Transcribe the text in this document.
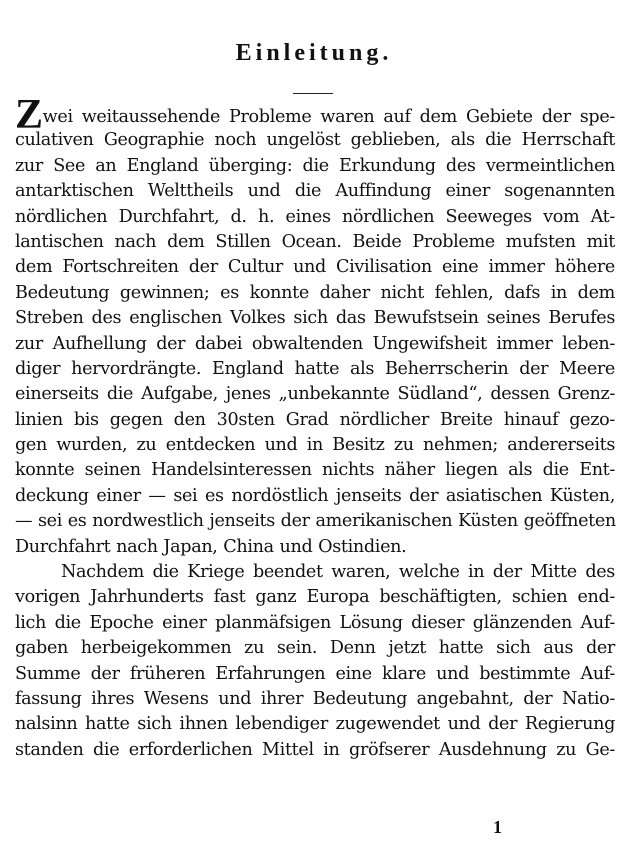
Einleitung.
Zwei weitaussehende Probleme waren auf dem Gebiete der spe-
culativen Geographie noch ungelöst geblieben, als die Herrschaft
zur See an England überging: die Erkundung des vermeintlichen
antarktischen Welttheils und die Auffindung einer sogenannten
nördlichen Durchfahrt, d. h. eines nördlichen Seeweges vom At-
lantischen nach dem Stillen Ocean. Beide Probleme mufsten mit
dem Fortschreiten der Cultur und Civilisation eine immer höhere
Bedeutung gewinnen; es konnte daher nicht fehlen, dafs in dem
Streben des englischen Volkes sich das Bewufstsein seines Berufes
zur Aufhellung der dabei obwaltenden Ungewifsheit immer leben-
diger hervordrängte. England hatte als Beherrscherin der Meere
einerseits die Aufgabe, jenes „unbekannte Südland“, dessen Grenz-
linien bis gegen den 30sten Grad nördlicher Breite hinauf gezo-
gen wurden, zu entdecken und in Besitz zu nehmen; andererseits
konnte seinen Handelsinteressen nichts näher liegen als die Ent-
deckung einer — sei es nordöstlich jenseits der asiatischen Küsten,
— sei es nordwestlich jenseits der amerikanischen Küsten geöffneten
Durchfahrt nach Japan, China und Ostindien.
Nachdem die Kriege beendet waren, welche in der Mitte des
vorigen Jahrhunderts fast ganz Europa beschäftigten, schien end-
lich die Epoche einer planmäfsigen Lösung dieser glänzenden Auf-
gaben herbeigekommen zu sein. Denn jetzt hatte sich aus der
Summe der früheren Erfahrungen eine klare und bestimmte Auf-
fassung ihres Wesens und ihrer Bedeutung angebahnt, der Natio-
nalsinn hatte sich ihnen lebendiger zugewendet und der Regierung
standen die erforderlichen Mittel in gröfserer Ausdehnung zu Ge-
1
